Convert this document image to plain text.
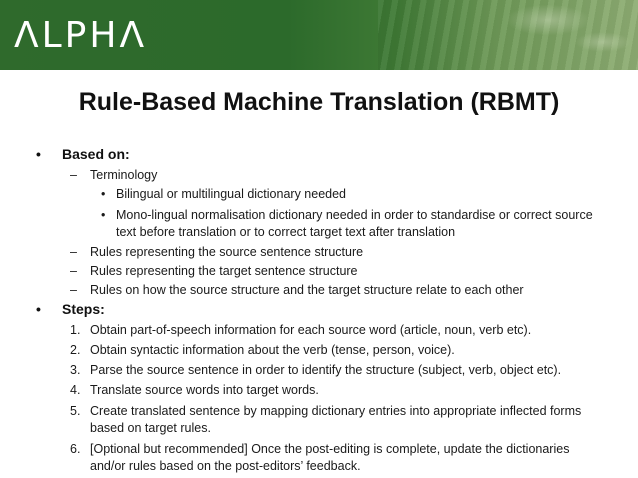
ΛLPHΛ
Rule-Based Machine Translation (RBMT)
• Based on:
– Terminology
• Bilingual or multilingual dictionary needed
• Mono-lingual normalisation dictionary needed in order to standardise or correct source text before translation or to correct target text after translation
– Rules representing the source sentence structure
– Rules representing the target sentence structure
– Rules on how the source structure and the target structure relate to each other
• Steps:
1. Obtain part-of-speech information for each source word (article, noun, verb etc).
2. Obtain syntactic information about the verb (tense, person, voice).
3. Parse the source sentence in order to identify the structure (subject, verb, object etc).
4. Translate source words into target words.
5. Create translated sentence by mapping dictionary entries into appropriate inflected forms based on target rules.
6. [Optional but recommended] Once the post-editing is complete, update the dictionaries and/or rules based on the post-editors’ feedback.
